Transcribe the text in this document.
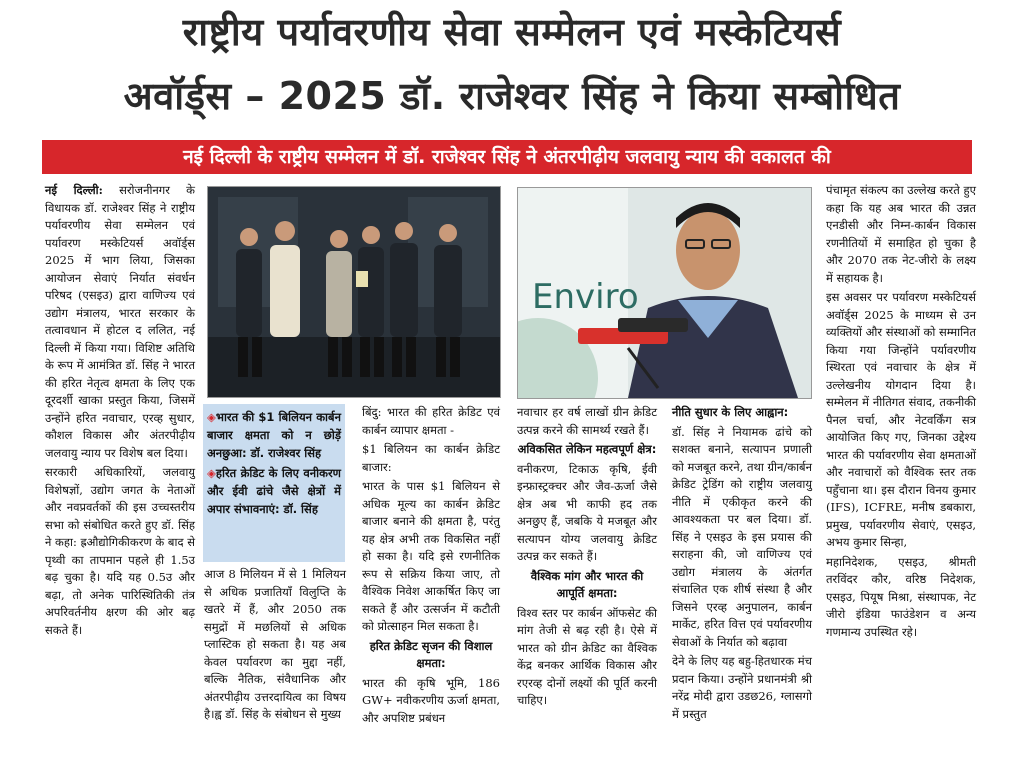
राष्ट्रीय पर्यावरणीय सेवा सम्मेलन एवं मस्केटियर्स
अवॉर्ड्स – 2025 डॉ. राजेश्वर सिंह ने किया सम्बोधित
नई दिल्ली के राष्ट्रीय सम्मेलन में डॉ. राजेश्वर सिंह ने अंतरपीढ़ीय जलवायु न्याय की वकालत की

नई दिल्ली: सरोजनीनगर के विधायक डॉ. राजेश्वर सिंह ने राष्ट्रीय पर्यावरणीय सेवा सम्मेलन एवं पर्यावरण मस्केटियर्स अवॉर्ड्स 2025 में भाग लिया, जिसका आयोजन सेवाएं निर्यात संवर्धन परिषद (एसइउ) द्वारा वाणिज्य एवं उद्योग मंत्रालय, भारत सरकार के तत्वावधान में होटल द ललित, नई दिल्ली में किया गया। विशिष्ट अतिथि के रूप में आमंत्रित डॉ. सिंह ने भारत की हरित नेतृत्व क्षमता के लिए एक दूरदर्शी खाका प्रस्तुत किया, जिसमें उन्होंने हरित नवाचार, एरव्ह सुधार, कौशल विकास और अंतरपीढ़ीय जलवायु न्याय पर विशेष बल दिया।

सरकारी अधिकारियों, जलवायु विशेषज्ञों, उद्योग जगत के नेताओं और नवप्रवर्तकों की इस उच्चस्तरीय सभा को संबोधित करते हुए डॉ. सिंह ने कहा: ह्रऔद्योगिकीकरण के बाद से पृथ्वी का तापमान पहले ही 1.5उ बढ़ चुका है। यदि यह 0.5उ और बढ़ा, तो अनेक पारिस्थितिकी तंत्र अपरिवर्तनीय क्षरण की ओर बढ़ सकते हैं।

◈भारत की $1 बिलियन कार्बन बाजार क्षमता को न छोड़ें अनछुआ: डॉ. राजेश्वर सिंह
◈हरित क्रेडिट के लिए वनीकरण और ईवी ढांचे जैसे क्षेत्रों में अपार संभावनाएं: डॉ. सिंह

आज 8 मिलियन में से 1 मिलियन से अधिक प्रजातियाँ विलुप्ति के खतरे में हैं, और 2050 तक समुद्रों में मछलियों से अधिक प्लास्टिक हो सकता है। यह अब केवल पर्यावरण का मुद्दा नहीं, बल्कि नैतिक, संवैधानिक और अंतरपीढ़ीय उत्तरदायित्व का विषय है।ह्व डॉ. सिंह के संबोधन से मुख्य

बिंदु: भारत की हरित क्रेडिट एवं कार्बन व्यापार क्षमता -

$1 बिलियन का कार्बन क्रेडिट बाजार:

भारत के पास $1 बिलियन से अधिक मूल्य का कार्बन क्रेडिट बाजार बनाने की क्षमता है, परंतु यह क्षेत्र अभी तक विकसित नहीं हो सका है। यदि इसे रणनीतिक रूप से सक्रिय किया जाए, तो वैश्विक निवेश आकर्षित किए जा सकते हैं और उत्सर्जन में कटौती को प्रोत्साहन मिल सकता है।

हरित क्रेडिट सृजन की विशाल क्षमता:

भारत की कृषि भूमि, 186 GW+ नवीकरणीय ऊर्जा क्षमता, और अपशिष्ट प्रबंधन

Enviro

नवाचार हर वर्ष लाखों ग्रीन क्रेडिट उत्पन्न करने की सामर्थ्य रखते हैं।

अविकसित लेकिन महत्वपूर्ण क्षेत्र:

वनीकरण, टिकाऊ कृषि, ईवी इन्फ्रास्ट्रक्चर और जैव-ऊर्जा जैसे क्षेत्र अब भी काफी हद तक अनछुए हैं, जबकि ये मजबूत और सत्यापन योग्य जलवायु क्रेडिट उत्पन्न कर सकते हैं।

वैश्विक मांग और भारत की आपूर्ति क्षमता:

विश्व स्तर पर कार्बन ऑफसेट की मांग तेजी से बढ़ रही है। ऐसे में भारत को ग्रीन क्रेडिट का वैश्विक केंद्र बनकर आर्थिक विकास और रएरव्ह दोनों लक्ष्यों की पूर्ति करनी चाहिए।

नीति सुधार के लिए आह्वान:

डॉ. सिंह ने नियामक ढांचे को सशक्त बनाने, सत्यापन प्रणाली को मजबूत करने, तथा ग्रीन/कार्बन क्रेडिट ट्रेडिंग को राष्ट्रीय जलवायु नीति में एकीकृत करने की आवश्यकता पर बल दिया। डॉ. सिंह ने एसइउ के इस प्रयास की सराहना की, जो वाणिज्य एवं उद्योग मंत्रालय के अंतर्गत संचालित एक शीर्ष संस्था है और जिसने एरव्ह अनुपालन, कार्बन मार्केट, हरित वित्त एवं पर्यावरणीय सेवाओं के निर्यात को बढ़ावा

देने के लिए यह बहु-हितधारक मंच प्रदान किया। उन्होंने प्रधानमंत्री श्री नरेंद्र मोदी द्वारा उडछ26, ग्लासगो में प्रस्तुत

पंचामृत संकल्प का उल्लेख करते हुए कहा कि यह अब भारत की उन्नत एनडीसी और निम्न-कार्बन विकास रणनीतियों में समाहित हो चुका है और 2070 तक नेट-जीरो के लक्ष्य में सहायक है।

इस अवसर पर पर्यावरण मस्केटियर्स अवॉर्ड्स 2025 के माध्यम से उन व्यक्तियों और संस्थाओं को सम्मानित किया गया जिन्होंने पर्यावरणीय स्थिरता एवं नवाचार के क्षेत्र में उल्लेखनीय योगदान दिया है। सम्मेलन में नीतिगत संवाद, तकनीकी पैनल चर्चा, और नेटवर्किंग सत्र आयोजित किए गए, जिनका उद्देश्य भारत की पर्यावरणीय सेवा क्षमताओं और नवाचारों को वैश्विक स्तर तक पहुँचाना था। इस दौरान विनय कुमार (IFS), ICFRE, मनीष डबकारा, प्रमुख, पर्यावरणीय सेवाएं, एसइउ, अभय कुमार सिन्हा,

महानिदेशक, एसइउ, श्रीमती तरविंदर कौर, वरिष्ठ निदेशक, एसइउ, पियूष मिश्रा, संस्थापक, नेट जीरो इंडिया फाउंडेशन व अन्य गणमान्य उपस्थित रहे।
